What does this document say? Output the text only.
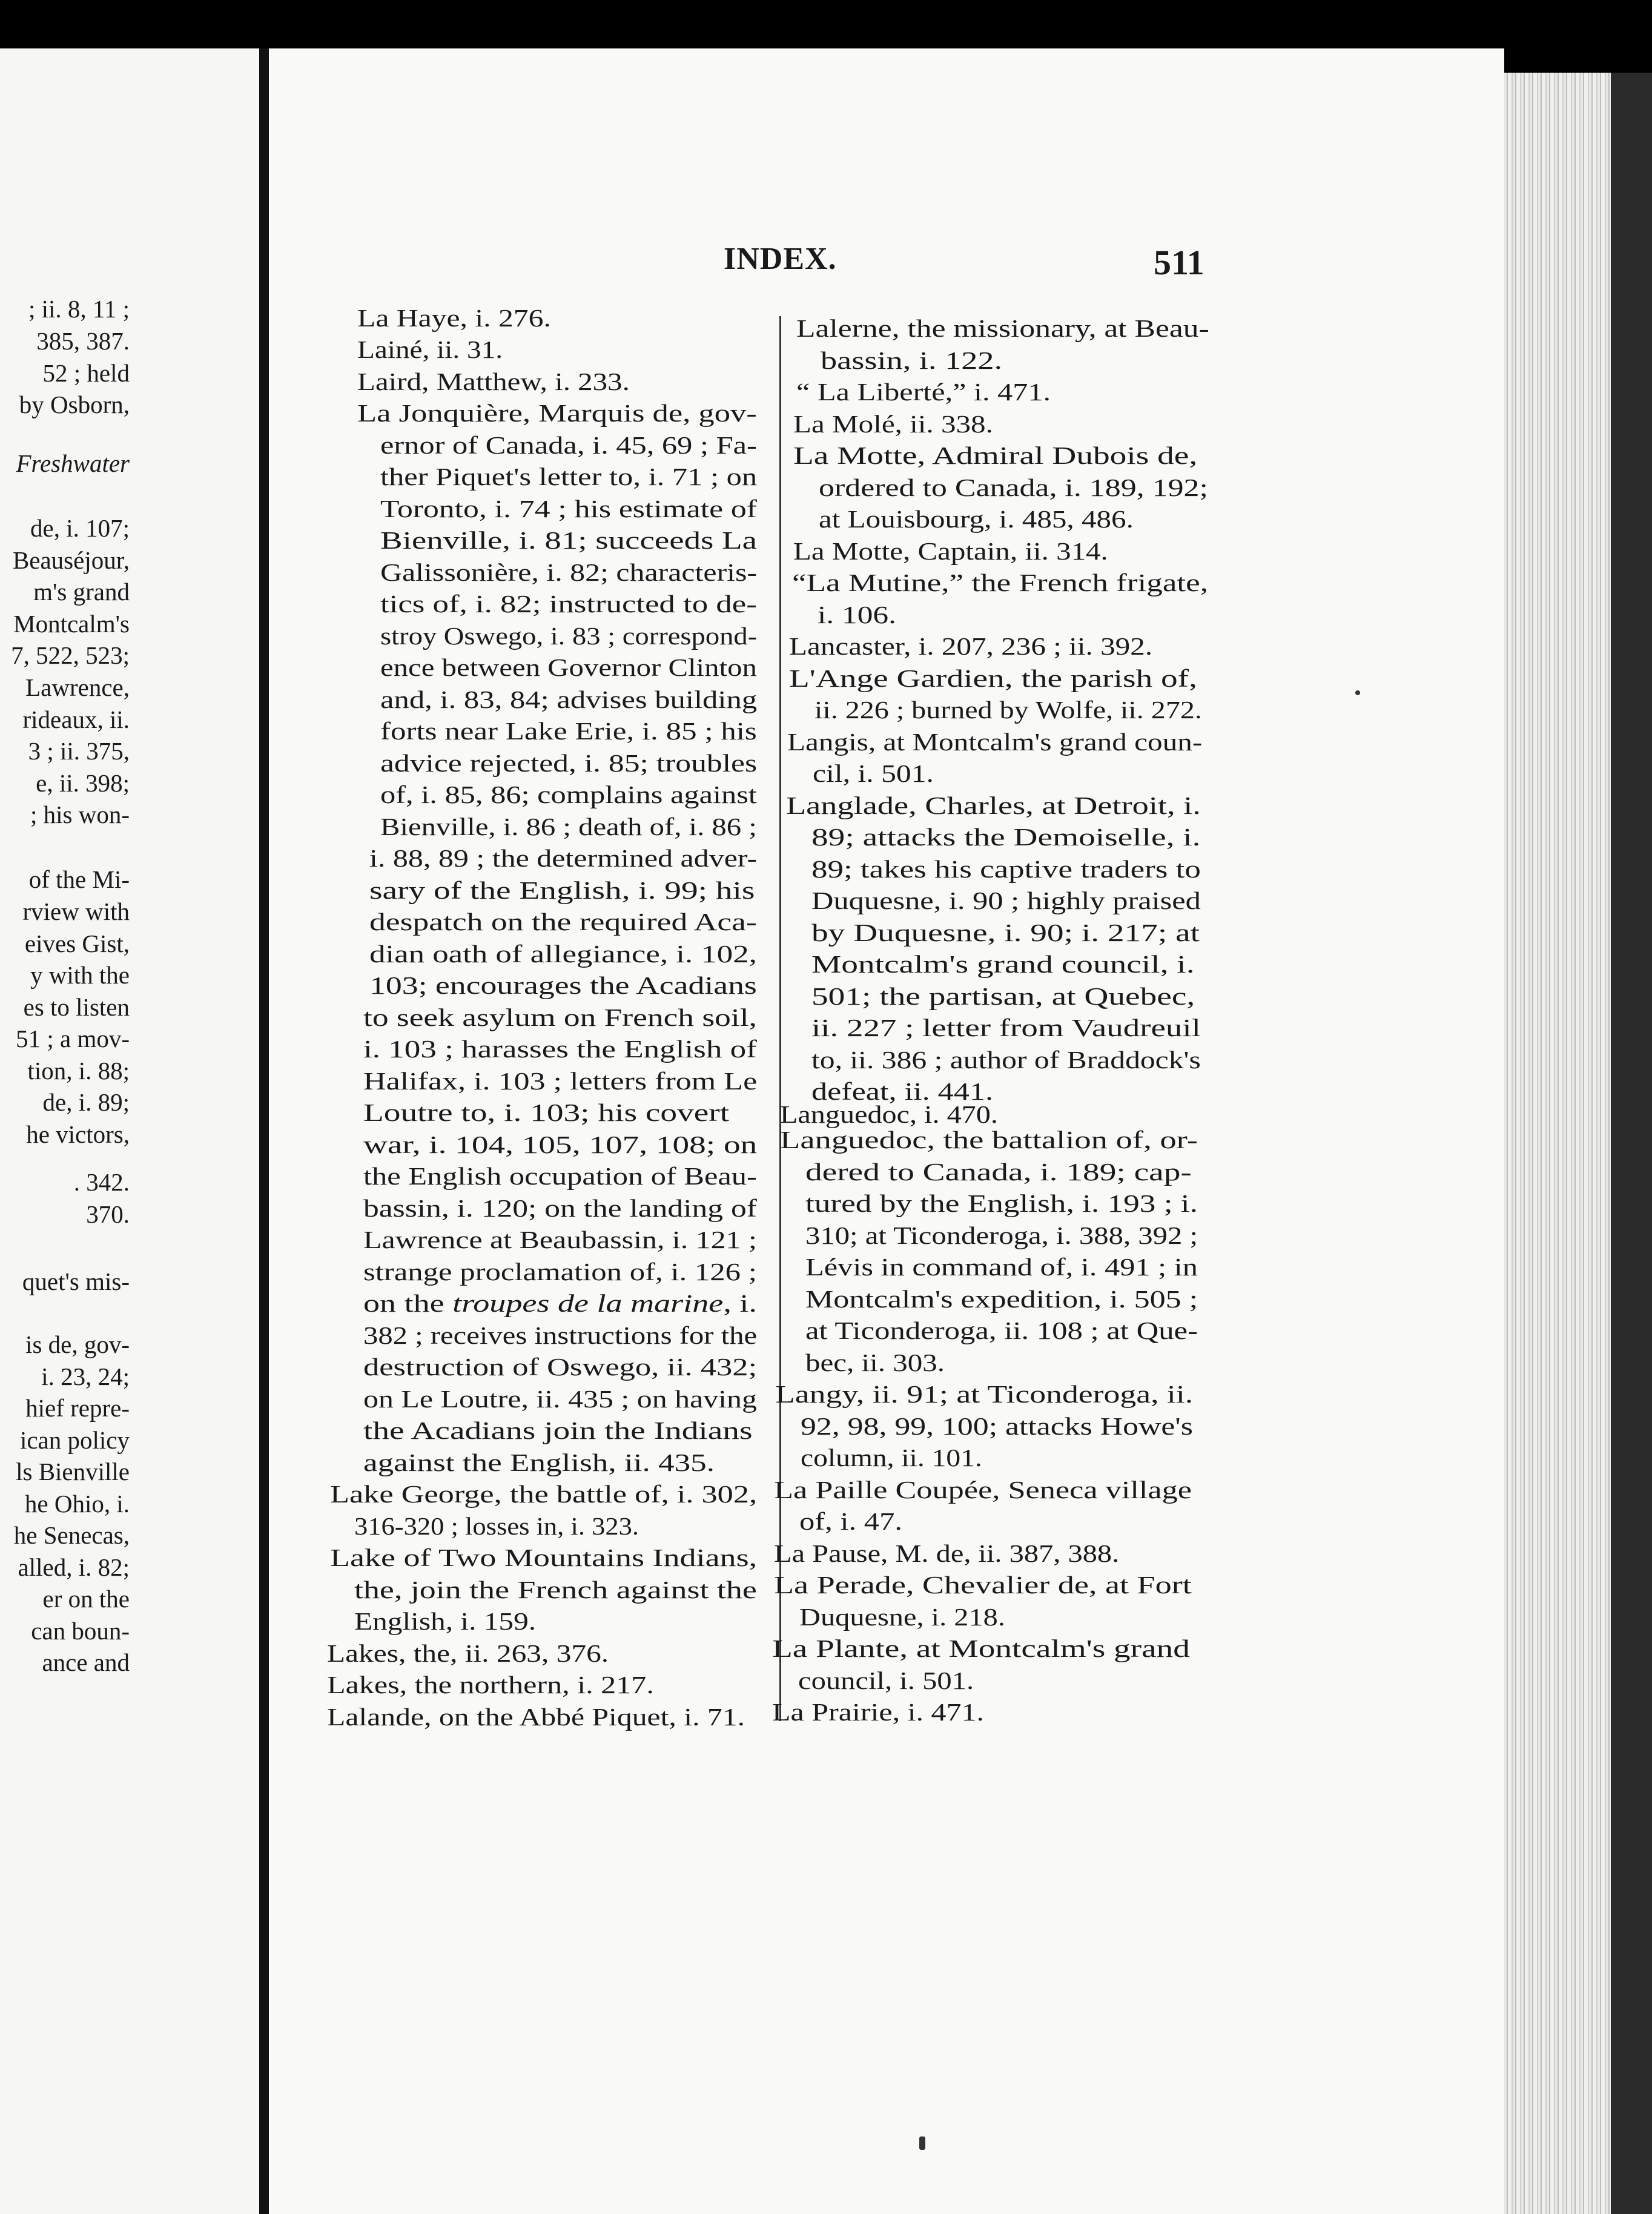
; ii. 8, 11 ;
385, 387.
52 ; held
by Osborn,
Freshwater
de, i. 107;
Beauséjour,
m's grand
Montcalm's
7, 522, 523;
Lawrence,
rideaux, ii.
3 ; ii. 375,
e, ii. 398;
; his won-
of the Mi-
rview with
eives Gist,
y with the
es to listen
51 ; a mov-
tion, i. 88;
de, i. 89;
he victors,
. 342.
370.
quet's mis-
is de, gov-
i. 23, 24;
hief repre-
ican policy
ls Bienville
he Ohio, i.
he Senecas,
alled, i. 82;
er on the
can boun-
ance and
INDEX.	511
La Haye, i. 276.
Lainé, ii. 31.
Laird, Matthew, i. 233.
La Jonquière, Marquis de, gov-
ernor of Canada, i. 45, 69 ; Fa-
ther Piquet's letter to, i. 71 ; on
Toronto, i. 74 ; his estimate of
Bienville, i. 81; succeeds La
Galissonière, i. 82; characteris-
tics of, i. 82; instructed to de-
stroy Oswego, i. 83 ; correspond-
ence between Governor Clinton
and, i. 83, 84; advises building
forts near Lake Erie, i. 85 ; his
advice rejected, i. 85; troubles
of, i. 85, 86; complains against
Bienville, i. 86 ; death of, i. 86 ;
i. 88, 89 ; the determined adver-
sary of the English, i. 99; his
despatch on the required Aca-
dian oath of allegiance, i. 102,
103; encourages the Acadians
to seek asylum on French soil,
i. 103 ; harasses the English of
Halifax, i. 103 ; letters from Le
Loutre to, i. 103; his covert
war, i. 104, 105, 107, 108; on
the English occupation of Beau-
bassin, i. 120; on the landing of
Lawrence at Beaubassin, i. 121 ;
strange proclamation of, i. 126 ;
on the troupes de la marine, i.
382 ; receives instructions for the
destruction of Oswego, ii. 432;
on Le Loutre, ii. 435 ; on having
the Acadians join the Indians
against the English, ii. 435.
Lake George, the battle of, i. 302,
316-320 ; losses in, i. 323.
Lake of Two Mountains Indians,
the, join the French against the
English, i. 159.
Lakes, the, ii. 263, 376.
Lakes, the northern, i. 217.
Lalande, on the Abbé Piquet, i. 71.
Lalerne, the missionary, at Beau-
bassin, i. 122.
“ La Liberté,” i. 471.
La Molé, ii. 338.
La Motte, Admiral Dubois de,
ordered to Canada, i. 189, 192;
at Louisbourg, i. 485, 486.
La Motte, Captain, ii. 314.
“La Mutine,” the French frigate,
i. 106.
Lancaster, i. 207, 236 ; ii. 392.
L'Ange Gardien, the parish of,
ii. 226 ; burned by Wolfe, ii. 272.
Langis, at Montcalm's grand coun-
cil, i. 501.
Langlade, Charles, at Detroit, i.
89; attacks the Demoiselle, i.
89; takes his captive traders to
Duquesne, i. 90 ; highly praised
by Duquesne, i. 90; i. 217; at
Montcalm's grand council, i.
501; the partisan, at Quebec,
ii. 227 ; letter from Vaudreuil
to, ii. 386 ; author of Braddock's
defeat, ii. 441.
Languedoc, i. 470.
Languedoc, the battalion of, or-
dered to Canada, i. 189; cap-
tured by the English, i. 193 ; i.
310; at Ticonderoga, i. 388, 392 ;
Lévis in command of, i. 491 ; in
Montcalm's expedition, i. 505 ;
at Ticonderoga, ii. 108 ; at Que-
bec, ii. 303.
Langy, ii. 91; at Ticonderoga, ii.
92, 98, 99, 100; attacks Howe's
column, ii. 101.
La Paille Coupée, Seneca village
of, i. 47.
La Pause, M. de, ii. 387, 388.
La Perade, Chevalier de, at Fort
Duquesne, i. 218.
La Plante, at Montcalm's grand
council, i. 501.
La Prairie, i. 471.
